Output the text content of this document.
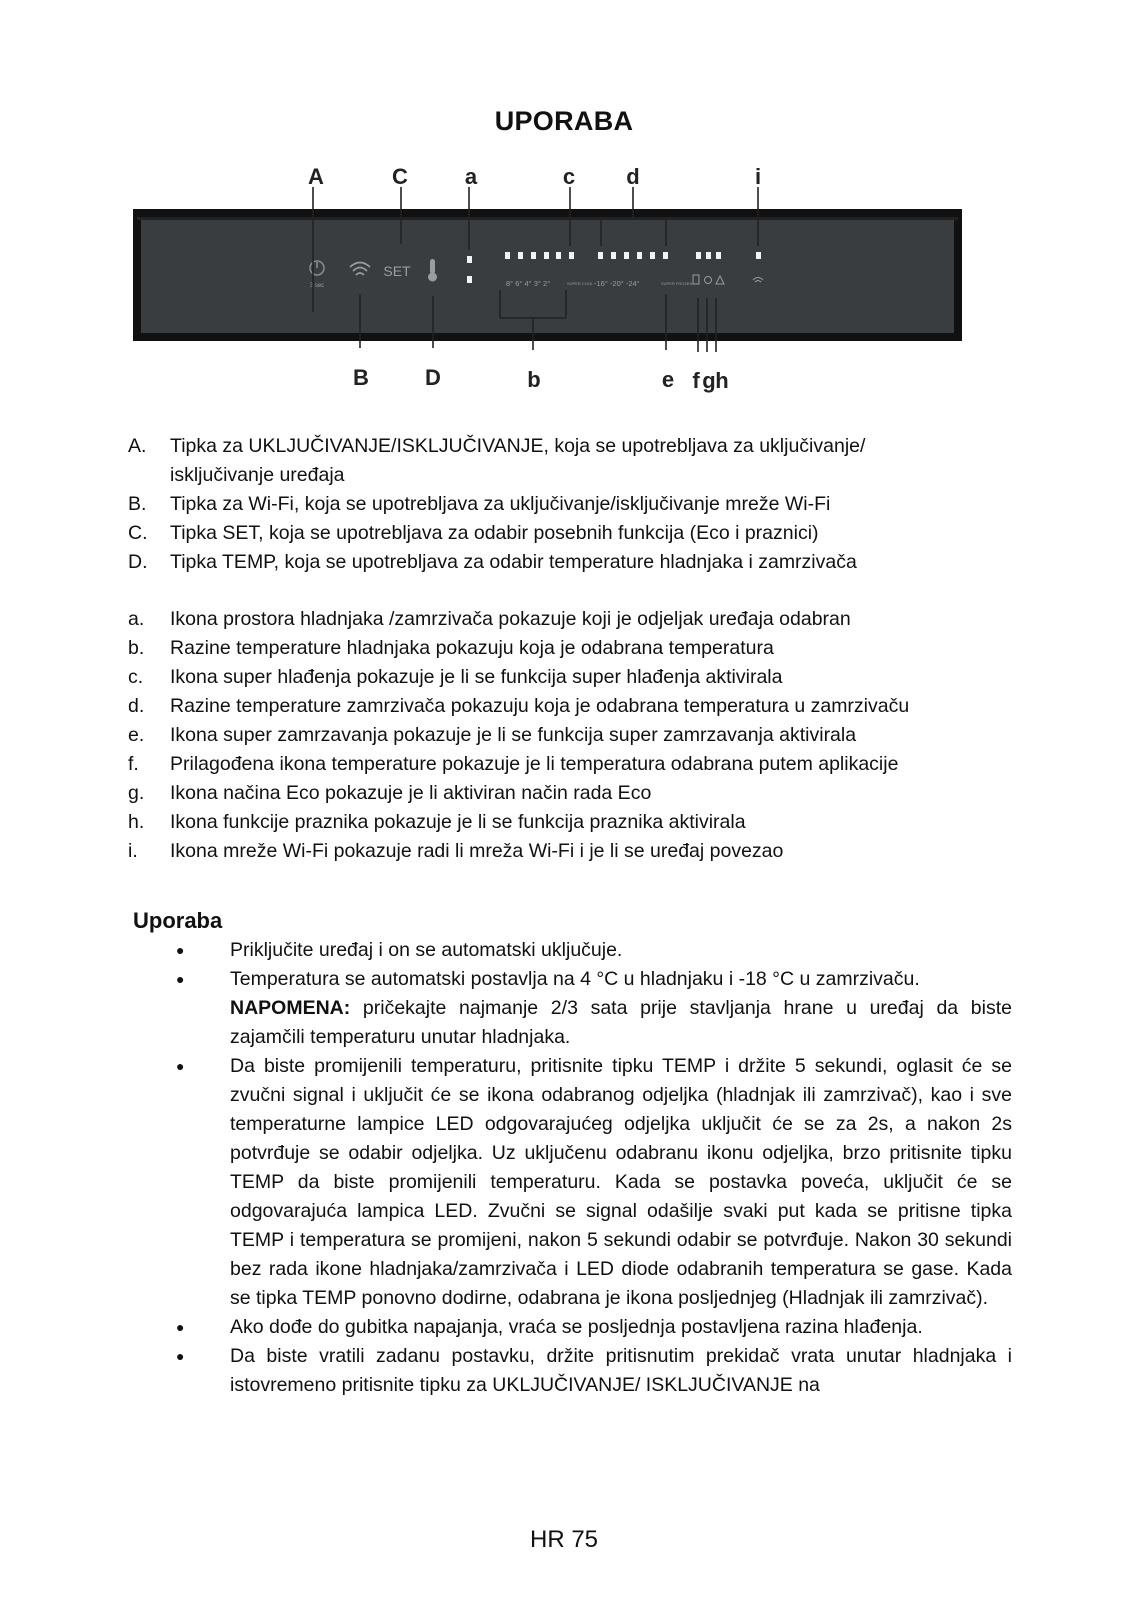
UPORABA
3 sec
SET
8° 6° 4° 3° 2°	SUPER COOL -16° -20° -24°	SUPER FROZEN
A	C	a	c d	i
B	D	b	e f g h
A. Tipka za UKLJUČIVANJE/ISKLJUČIVANJE, koja se upotrebljava za uključivanje/ isključivanje uređaja
B. Tipka za Wi-Fi, koja se upotrebljava za uključivanje/isključivanje mreže Wi-Fi
C. Tipka SET, koja se upotrebljava za odabir posebnih funkcija (Eco i praznici)
D. Tipka TEMP, koja se upotrebljava za odabir temperature hladnjaka i zamrzivača
a. Ikona prostora hladnjaka /zamrzivača pokazuje koji je odjeljak uređaja odabran
b. Razine temperature hladnjaka pokazuju koja je odabrana temperatura
c. Ikona super hlađenja pokazuje je li se funkcija super hlađenja aktivirala
d. Razine temperature zamrzivača pokazuju koja je odabrana temperatura u zamrzivaču
e. Ikona super zamrzavanja pokazuje je li se funkcija super zamrzavanja aktivirala
f. Prilagođena ikona temperature pokazuje je li temperatura odabrana putem aplikacije
g. Ikona načina Eco pokazuje je li aktiviran način rada Eco
h. Ikona funkcije praznika pokazuje je li se funkcija praznika aktivirala
i. Ikona mreže Wi-Fi pokazuje radi li mreža Wi-Fi i je li se uređaj povezao
Uporaba
● Priključite uređaj i on se automatski uključuje.
● Temperatura se automatski postavlja na 4 °C u hladnjaku i -18 °C u zamrzivaču.
NAPOMENA: pričekajte najmanje 2/3 sata prije stavljanja hrane u uređaj da biste zajamčili temperaturu unutar hladnjaka.
● Da biste promijenili temperaturu, pritisnite tipku TEMP i držite 5 sekundi, oglasit će se zvučni signal i uključit će se ikona odabranog odjeljka (hladnjak ili zamrzivač), kao i sve temperaturne lampice LED odgovarajućeg odjeljka uključit će se za 2s, a nakon 2s potvrđuje se odabir odjeljka. Uz uključenu odabranu ikonu odjeljka, brzo pritisnite tipku TEMP da biste promijenili temperaturu. Kada se postavka poveća, uključit će se odgovarajuća lampica LED. Zvučni se signal odašilje svaki put kada se pritisne tipka TEMP i temperatura se promijeni, nakon 5 sekundi odabir se potvrđuje. Nakon 30 sekundi bez rada ikone hladnjaka/zamrzivača i LED diode odabranih temperatura se gase. Kada se tipka TEMP ponovno dodirne, odabrana je ikona posljednjeg (Hladnjak ili zamrzivač).
● Ako dođe do gubitka napajanja, vraća se posljednja postavljena razina hlađenja.
● Da biste vratili zadanu postavku, držite pritisnutim prekidač vrata unutar hladnjaka i istovremeno pritisnite tipku za UKLJUČIVANJE/ ISKLJUČIVANJE na
HR 75
